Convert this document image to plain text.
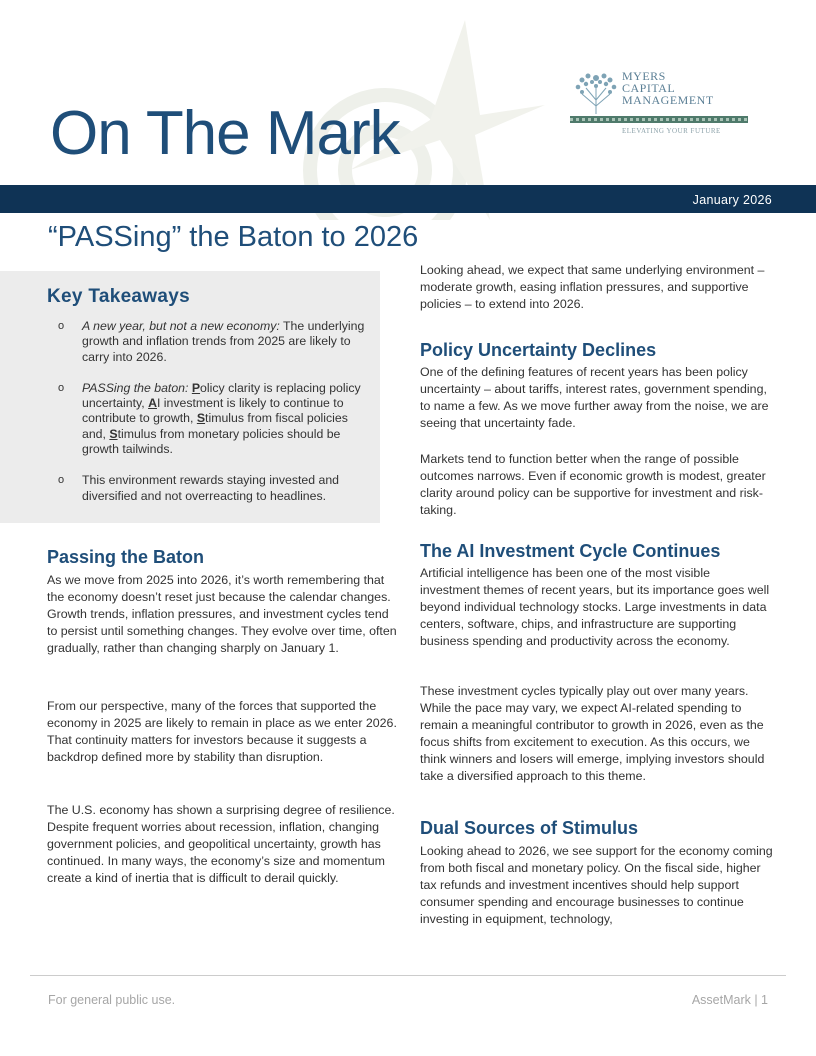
On The Mark
MYERS
CAPITAL
MANAGEMENT
ELEVATING YOUR FUTURE
January 2026
“PASSing” the Baton to 2026
Key Takeaways
o A new year, but not a new economy: The underlying growth and inflation trends from 2025 are likely to carry into 2026.
o PASSing the baton: Policy clarity is replacing policy uncertainty, AI investment is likely to continue to contribute to growth, Stimulus from fiscal policies and, Stimulus from monetary policies should be growth tailwinds.
o This environment rewards staying invested and diversified and not overreacting to headlines.
Passing the Baton

As we move from 2025 into 2026, it’s worth remembering that the economy doesn’t reset just because the calendar changes. Growth trends, inflation pressures, and investment cycles tend to persist until something changes. They evolve over time, often gradually, rather than changing sharply on January 1.

From our perspective, many of the forces that supported the economy in 2025 are likely to remain in place as we enter 2026. That continuity matters for investors because it suggests a backdrop defined more by stability than disruption.

The U.S. economy has shown a surprising degree of resilience. Despite frequent worries about recession, inflation, changing government policies, and geopolitical uncertainty, growth has continued. In many ways, the economy’s size and momentum create a kind of inertia that is difficult to derail quickly.

Looking ahead, we expect that same underlying environment – moderate growth, easing inflation pressures, and supportive policies – to extend into 2026.

Policy Uncertainty Declines

One of the defining features of recent years has been policy uncertainty – about tariffs, interest rates, government spending, to name a few. As we move further away from the noise, we are seeing that uncertainty fade.

Markets tend to function better when the range of possible outcomes narrows. Even if economic growth is modest, greater clarity around policy can be supportive for investment and risk-taking.

The AI Investment Cycle Continues

Artificial intelligence has been one of the most visible investment themes of recent years, but its importance goes well beyond individual technology stocks. Large investments in data centers, software, chips, and infrastructure are supporting business spending and productivity across the economy.

These investment cycles typically play out over many years. While the pace may vary, we expect AI-related spending to remain a meaningful contributor to growth in 2026, even as the focus shifts from excitement to execution. As this occurs, we think winners and losers will emerge, implying investors should take a diversified approach to this theme.

Dual Sources of Stimulus

Looking ahead to 2026, we see support for the economy coming from both fiscal and monetary policy. On the fiscal side, higher tax refunds and investment incentives should help support consumer spending and encourage businesses to continue investing in equipment, technology,

For general public use.	AssetMark | 1
